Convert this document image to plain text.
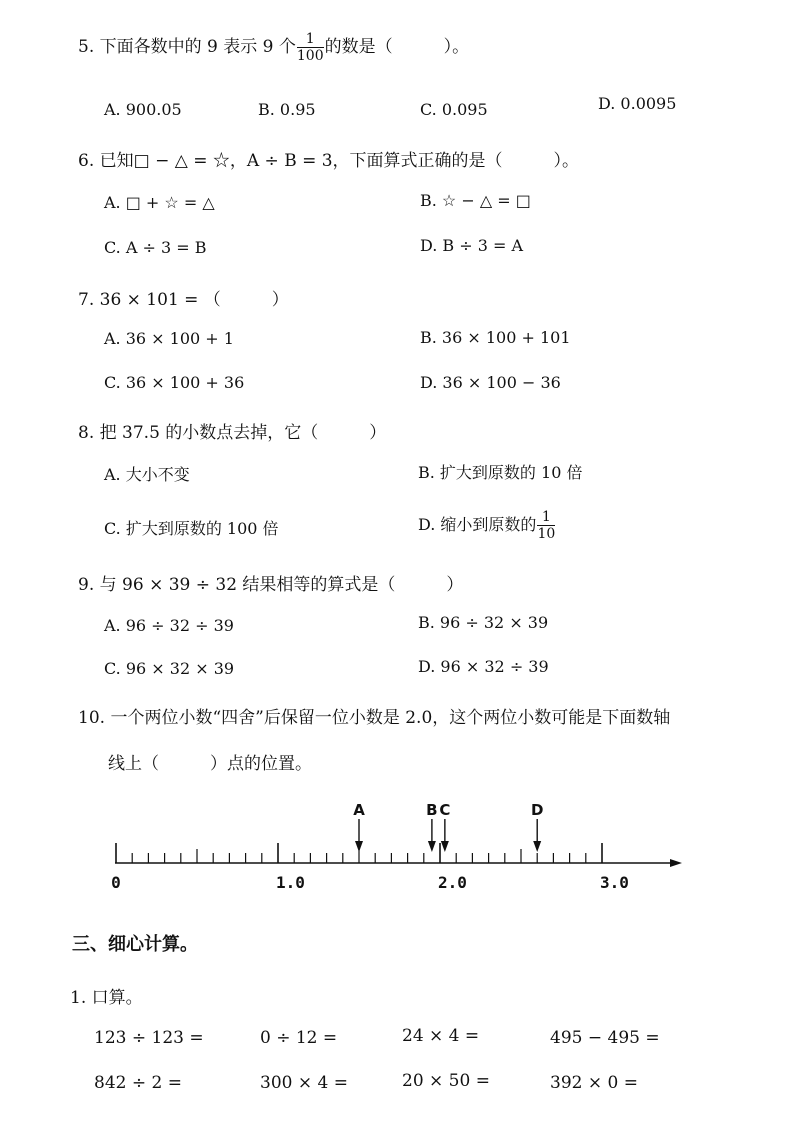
5. 下面各数中的 9 表示 9 个 $\frac{1}{100}$ 的数是（　　　）。
A. 900.05	B. 0.95	C. 0.095	D. 0.0095
6. 已知□ − △ = ☆，A ÷ B = 3，下面算式正确的是（　　　）。
A. □ + ☆ = △	B. ☆ − △ = □
C. A ÷ 3 = B	D. B ÷ 3 = A
7. 36 × 101 = （　　　）
A. 36 × 100 + 1	B. 36 × 100 + 101
C. 36 × 100 + 36	D. 36 × 100 − 36
8. 把 37.5 的小数点去掉，它（　　　）
A. 大小不变	B. 扩大到原数的 10 倍
C. 扩大到原数的 100 倍	D. 缩小到原数的 $\frac{1}{10}$
9. 与 96 × 39 ÷ 32 结果相等的算式是（　　　）
A. 96 ÷ 32 ÷ 39	B. 96 ÷ 32 × 39
C. 96 × 32 × 39	D. 96 × 32 ÷ 39
10. 一个两位小数“四舍”后保留一位小数是 2.0，这个两位小数可能是下面数轴
线上（　　　）点的位置。
0	1.0	2.0	3.0
A	B C	D
三、细心计算。
1. 口算。
123 ÷ 123 =	0 ÷ 12 =	24 × 4 =	495 − 495 =
842 ÷ 2 =	300 × 4 =	20 × 50 =	392 × 0 =
